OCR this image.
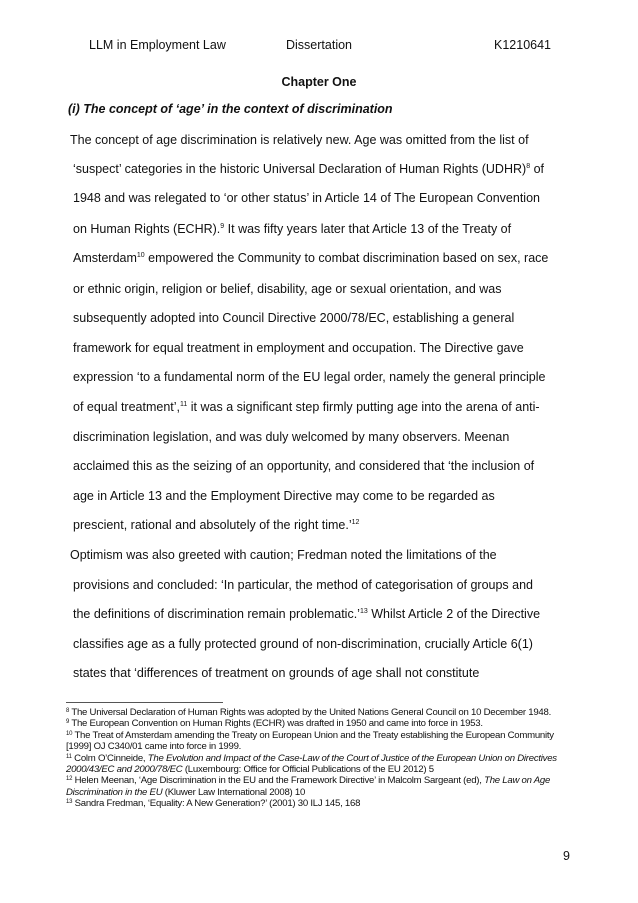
LLM in Employment Law	Dissertation	K1210641
Chapter One
(i) The concept of ‘age’ in the context of discrimination
The concept of age discrimination is relatively new. Age was omitted from the list of
‘suspect’ categories in the historic Universal Declaration of Human Rights (UDHR)$^8$ of
1948 and was relegated to ‘or other status’ in Article 14 of The European Convention
on Human Rights (ECHR).$^9$ It was fifty years later that Article 13 of the Treaty of
Amsterdam$^{10}$ empowered the Community to combat discrimination based on sex, race
or ethnic origin, religion or belief, disability, age or sexual orientation, and was
subsequently adopted into Council Directive 2000/78/EC, establishing a general
framework for equal treatment in employment and occupation. The Directive gave
expression ‘to a fundamental norm of the EU legal order, namely the general principle
of equal treatment’,$^{11}$ it was a significant step firmly putting age into the arena of anti-
discrimination legislation, and was duly welcomed by many observers. Meenan
acclaimed this as the seizing of an opportunity, and considered that ‘the inclusion of
age in Article 13 and the Employment Directive may come to be regarded as
prescient, rational and absolutely of the right time.’$^{12}$
Optimism was also greeted with caution; Fredman noted the limitations of the
provisions and concluded: ‘In particular, the method of categorisation of groups and
the definitions of discrimination remain problematic.’$^{13}$ Whilst Article 2 of the Directive
classifies age as a fully protected ground of non-discrimination, crucially Article 6(1)
states that ‘differences of treatment on grounds of age shall not constitute

$^8$ The Universal Declaration of Human Rights was adopted by the United Nations General Council on 10 December 1948.

$^9$ The European Convention on Human Rights (ECHR) was drafted in 1950 and came into force in 1953.

$^{10}$ The Treat of Amsterdam amending the Treaty on European Union and the Treaty establishing the European Community [1999] OJ C340/01 came into force in 1999.

$^{11}$ Colm O’Cinneide, The Evolution and Impact of the Case-Law of the Court of Justice of the European Union on Directives 2000/43/EC and 2000/78/EC (Luxembourg: Office for Official Publications of the EU 2012) 5

$^{12}$ Helen Meenan, ‘Age Discrimination in the EU and the Framework Directive’ in Malcolm Sargeant (ed), The Law on Age Discrimination in the EU (Kluwer Law International 2008) 10

$^{13}$ Sandra Fredman, ‘Equality: A New Generation?’ (2001) 30 ILJ 145, 168

9
